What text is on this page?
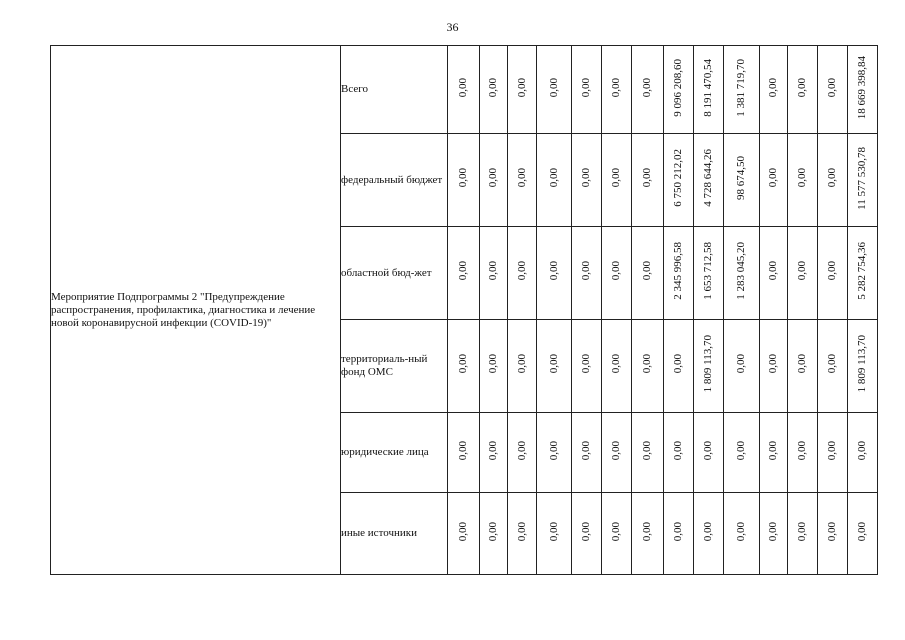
36
Мероприятие Подпрограммы 2 "Предупреждение распространения, профилактика, диагностика и лечение новой коронавирусной инфекции (COVID-19)"	Всего	0,00	0,00	0,00	0,00	0,00	0,00	0,00	9 096 208,60	8 191 470,54	1 381 719,70	0,00	0,00	0,00	18 669 398,84
	федеральный бюджет	0,00	0,00	0,00	0,00	0,00	0,00	0,00	6 750 212,02	4 728 644,26	98 674,50	0,00	0,00	0,00	11 577 530,78
	областной бюд-жет	0,00	0,00	0,00	0,00	0,00	0,00	0,00	2 345 996,58	1 653 712,58	1 283 045,20	0,00	0,00	0,00	5 282 754,36
	территориаль-ный фонд ОМС	0,00	0,00	0,00	0,00	0,00	0,00	0,00	0,00	1 809 113,70	0,00	0,00	0,00	0,00	1 809 113,70
	юридические лица	0,00	0,00	0,00	0,00	0,00	0,00	0,00	0,00	0,00	0,00	0,00	0,00	0,00	0,00
	иные источники	0,00	0,00	0,00	0,00	0,00	0,00	0,00	0,00	0,00	0,00	0,00	0,00	0,00	0,00
